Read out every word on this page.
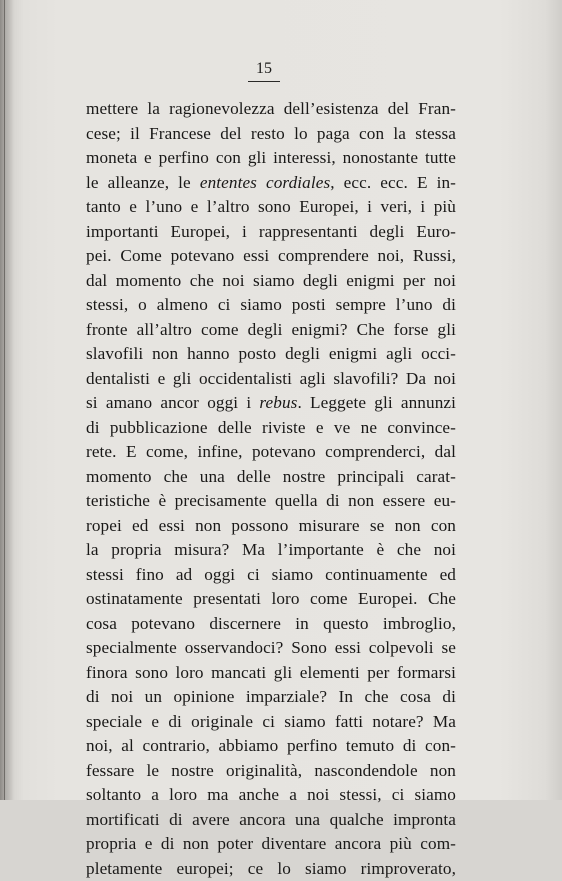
15
mettere la ragionevolezza dell’esistenza del Fran-
cese; il Francese del resto lo paga con la stessa
moneta e perfino con gli interessi, nonostante tutte
le alleanze, le ententes cordiales, ecc. ecc. E in-
tanto e l’uno e l’altro sono Europei, i veri, i più
importanti Europei, i rappresentanti degli Euro-
pei. Come potevano essi comprendere noi, Russi,
dal momento che noi siamo degli enigmi per noi
stessi, o almeno ci siamo posti sempre l’uno di
fronte all’altro come degli enigmi? Che forse gli
slavofili non hanno posto degli enigmi agli occi-
dentalisti e gli occidentalisti agli slavofili? Da noi
si amano ancor oggi i rebus. Leggete gli annunzi
di pubblicazione delle riviste e ve ne convince-
rete. E come, infine, potevano comprenderci, dal
momento che una delle nostre principali carat-
teristiche è precisamente quella di non essere eu-
ropei ed essi non possono misurare se non con
la propria misura? Ma l’importante è che noi
stessi fino ad oggi ci siamo continuamente ed
ostinatamente presentati loro come Europei. Che
cosa potevano discernere in questo imbroglio,
specialmente osservandoci? Sono essi colpevoli se
finora sono loro mancati gli elementi per formarsi
di noi un opinione imparziale? In che cosa di
speciale e di originale ci siamo fatti notare? Ma
noi, al contrario, abbiamo perfino temuto di con-
fessare le nostre originalità, nascondendole non
soltanto a loro ma anche a noi stessi, ci siamo
mortificati di avere ancora una qualche impronta
propria e di non poter diventare ancora più com-
pletamente europei; ce lo siamo rimproverato,
